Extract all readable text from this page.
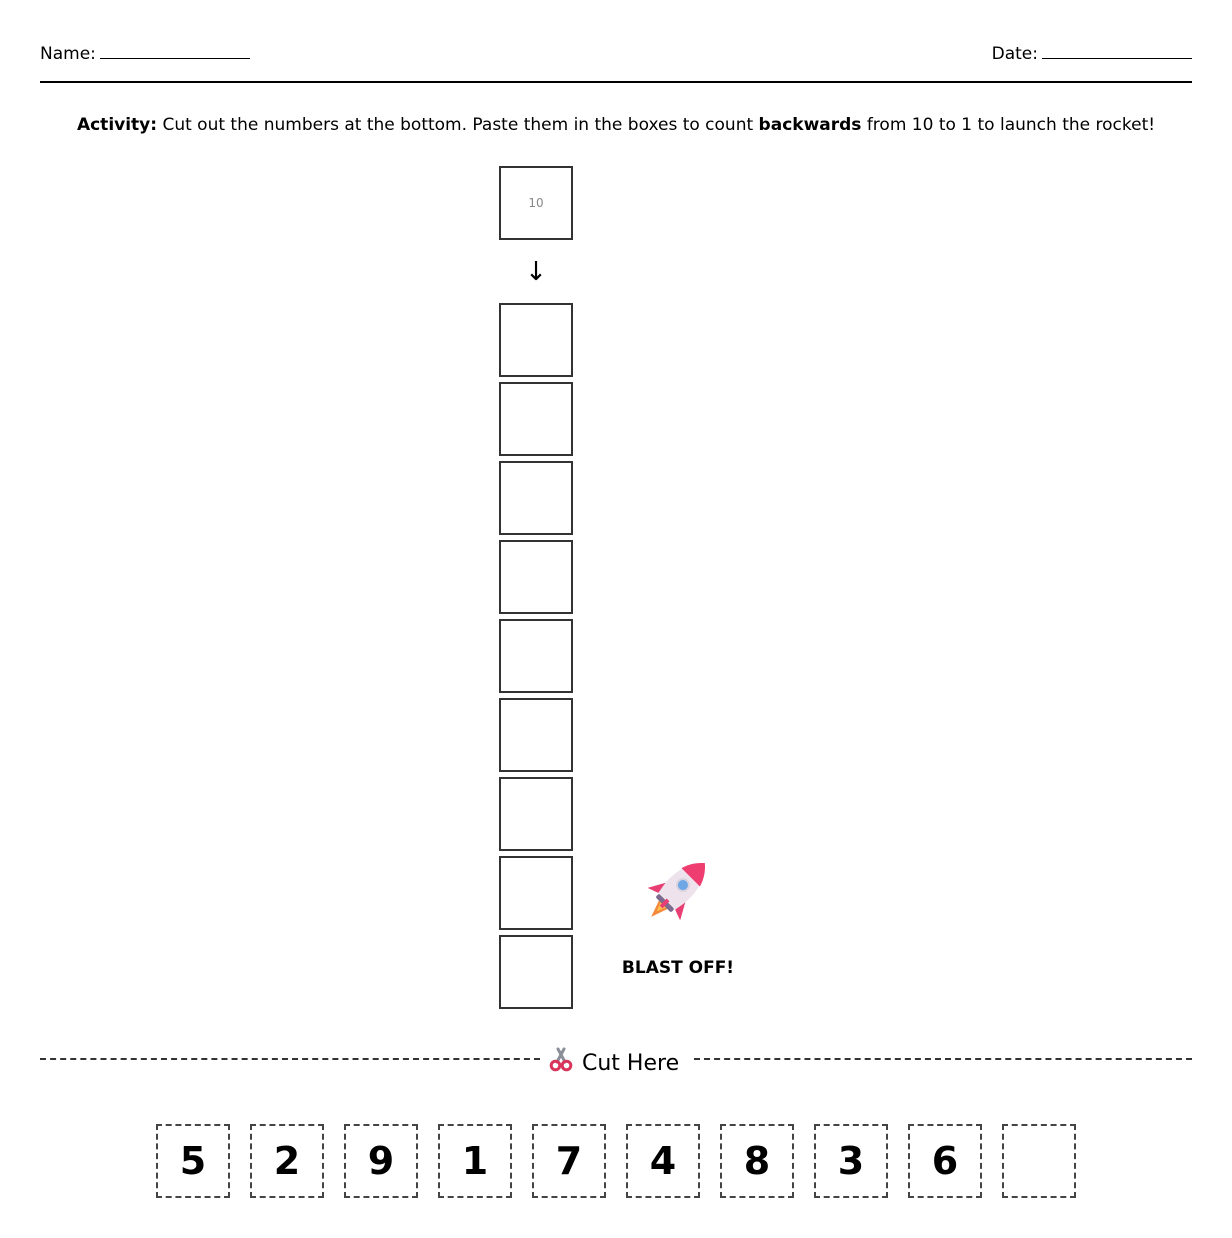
Name:	Date:
Activity: Cut out the numbers at the bottom. Paste them in the boxes to count backwards from 10 to 1 to launch the rocket!
10
↓
BLAST OFF!
Cut Here
5	2	9	1	7	4	8	3	6
